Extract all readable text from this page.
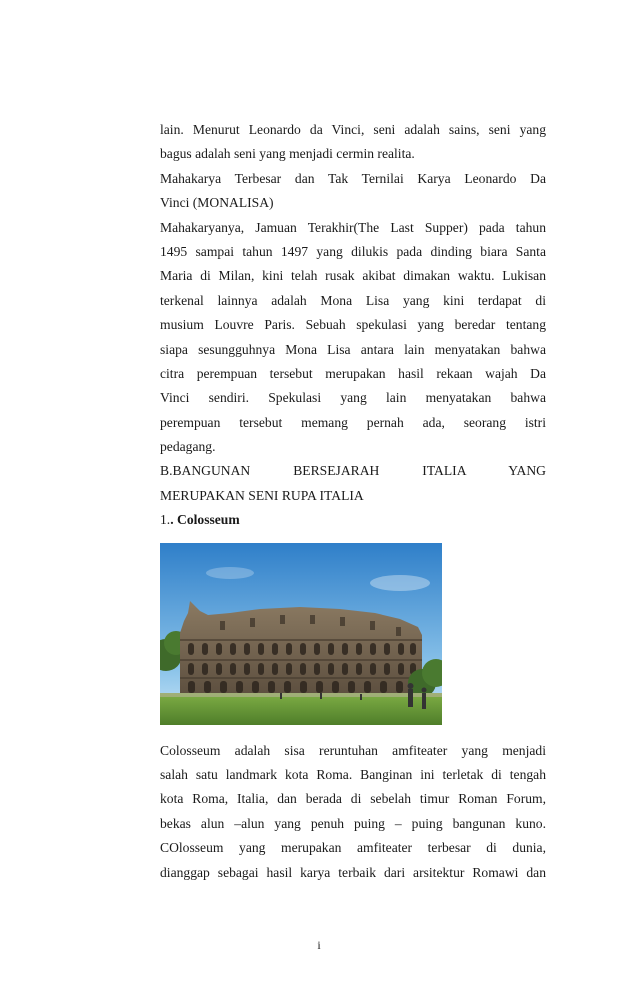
lain. Menurut Leonardo da Vinci, seni adalah sains, seni yang
bagus adalah seni yang menjadi cermin realita.
Mahakarya Terbesar dan Tak Ternilai Karya Leonardo Da
Vinci (MONALISA)
Mahakaryanya, Jamuan Terakhir(The Last Supper) pada tahun
1495 sampai tahun 1497 yang dilukis pada dinding biara Santa
Maria di Milan, kini telah rusak akibat dimakan waktu. Lukisan
terkenal lainnya adalah Mona Lisa yang kini terdapat di
musium Louvre Paris. Sebuah spekulasi yang beredar tentang
siapa sesungguhnya Mona Lisa antara lain menyatakan bahwa
citra perempuan tersebut merupakan hasil rekaan wajah Da
Vinci sendiri. Spekulasi yang lain menyatakan bahwa
perempuan tersebut memang pernah ada, seorang istri
pedagang.
B.BANGUNAN BERSEJARAH ITALIA YANG
MERUPAKAN SENI RUPA ITALIA
1.. Colosseum
Colosseum adalah sisa reruntuhan amfiteater yang menjadi
salah satu landmark kota Roma. Banginan ini terletak di tengah
kota Roma, Italia, dan berada di sebelah timur Roman Forum,
bekas alun –alun yang penuh puing – puing bangunan kuno.
COlosseum yang merupakan amfiteater terbesar di dunia,
dianggap sebagai hasil karya terbaik dari arsitektur Romawi dan
i
